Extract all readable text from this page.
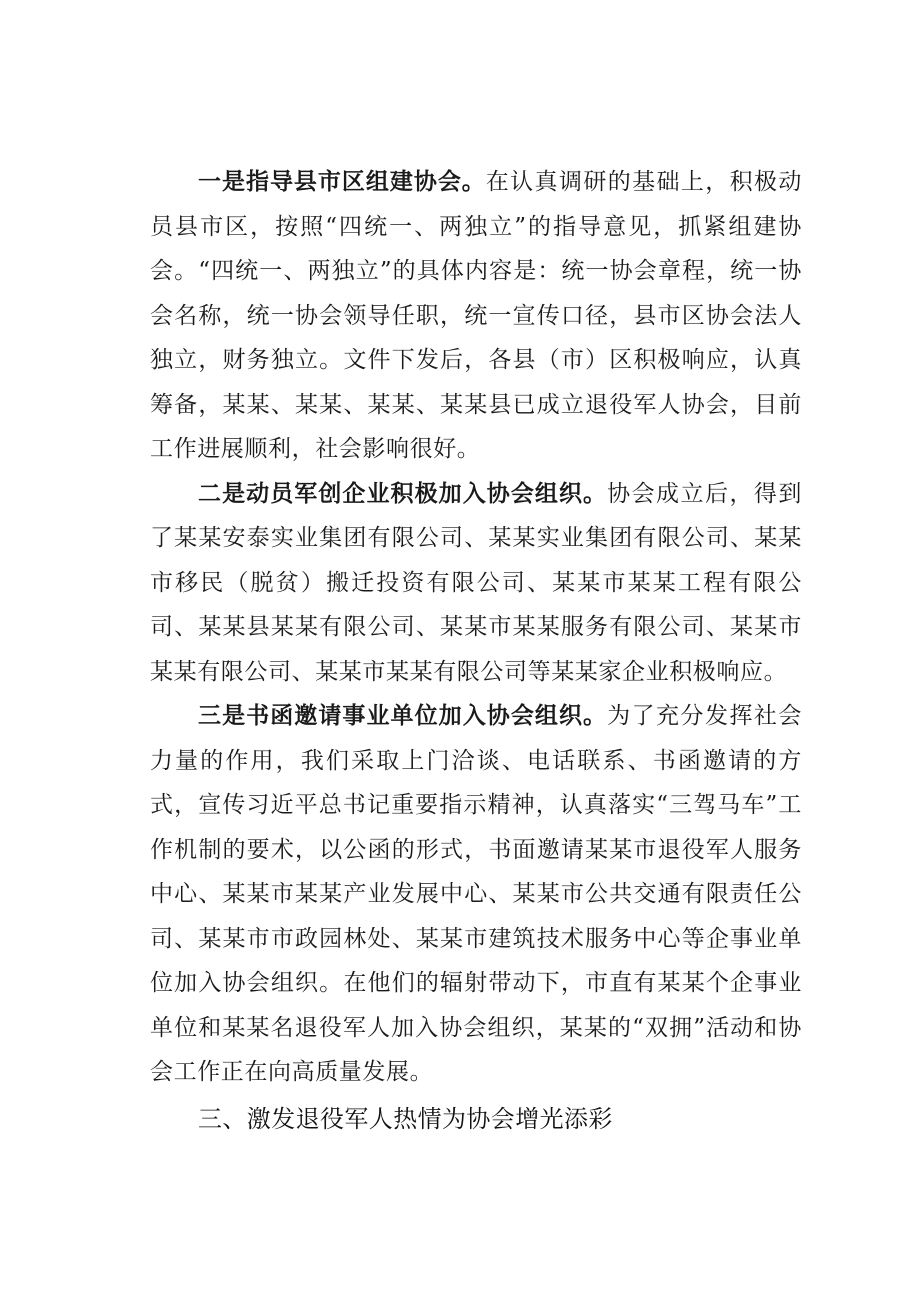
一是指导县市区组建协会。在认真调研的基础上，积极动员县市区，按照“四统一、两独立”的指导意见，抓紧组建协会。“四统一、两独立”的具体内容是：统一协会章程，统一协会名称，统一协会领导任职，统一宣传口径，县市区协会法人独立，财务独立。文件下发后，各县（市）区积极响应，认真筹备，某某、某某、某某、某某县已成立退役军人协会，目前工作进展顺利，社会影响很好。

二是动员军创企业积极加入协会组织。协会成立后，得到了某某安泰实业集团有限公司、某某实业集团有限公司、某某市移民（脱贫）搬迁投资有限公司、某某市某某工程有限公司、某某县某某有限公司、某某市某某服务有限公司、某某市某某有限公司、某某市某某有限公司等某某家企业积极响应。

三是书函邀请事业单位加入协会组织。为了充分发挥社会力量的作用，我们采取上门洽谈、电话联系、书函邀请的方式，宣传习近平总书记重要指示精神，认真落实“三驾马车”工作机制的要术，以公函的形式，书面邀请某某市退役军人服务中心、某某市某某产业发展中心、某某市公共交通有限责任公司、某某市市政园林处、某某市建筑技术服务中心等企事业单位加入协会组织。在他们的辐射带动下，市直有某某个企事业单位和某某名退役军人加入协会组织，某某的“双拥”活动和协会工作正在向高质量发展。

三、激发退役军人热情为协会增光添彩
